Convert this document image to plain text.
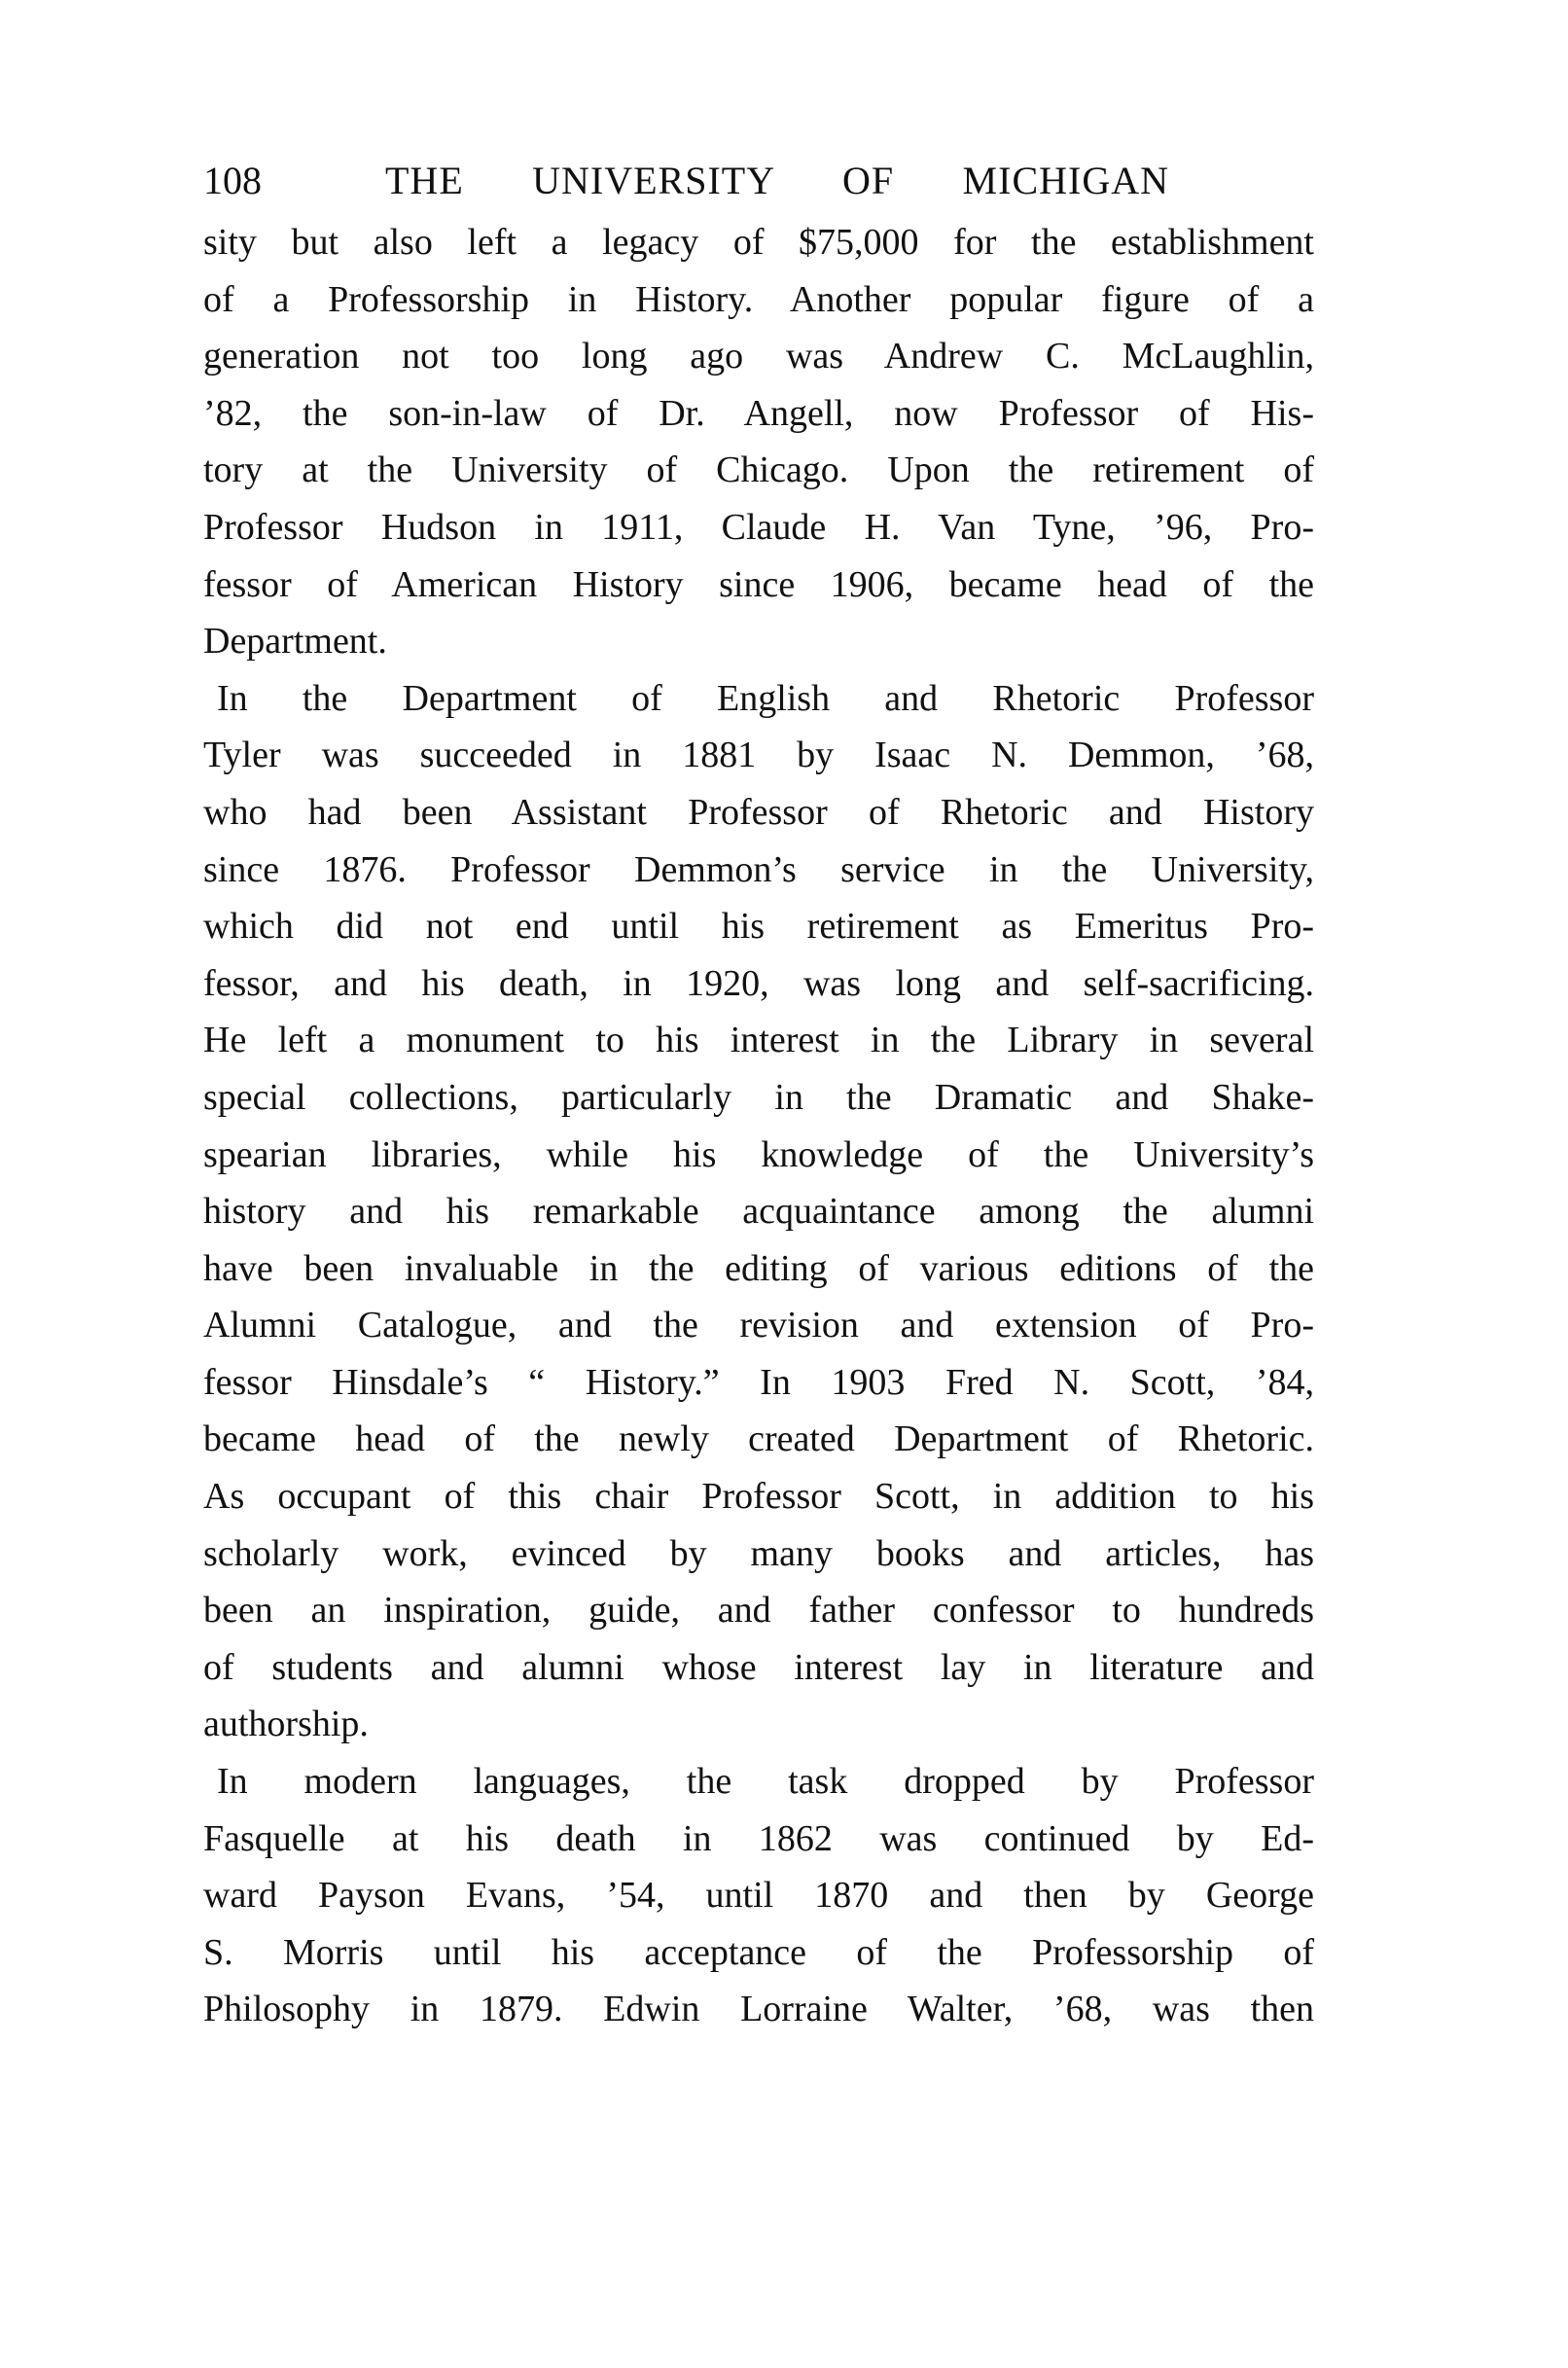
108	THE UNIVERSITY OF MICHIGAN
sity but also left a legacy of $75,000 for the establishment
of a Professorship in History. Another popular figure of a
generation not too long ago was Andrew C. McLaughlin,
’82, the son-in-law of Dr. Angell, now Professor of His-
tory at the University of Chicago. Upon the retirement of
Professor Hudson in 1911, Claude H. Van Tyne, ’96, Pro-
fessor of American History since 1906, became head of the
Department.
In the Department of English and Rhetoric Professor
Tyler was succeeded in 1881 by Isaac N. Demmon, ’68,
who had been Assistant Professor of Rhetoric and History
since 1876. Professor Demmon’s service in the University,
which did not end until his retirement as Emeritus Pro-
fessor, and his death, in 1920, was long and self-sacrificing.
He left a monument to his interest in the Library in several
special collections, particularly in the Dramatic and Shake-
spearian libraries, while his knowledge of the University’s
history and his remarkable acquaintance among the alumni
have been invaluable in the editing of various editions of the
Alumni Catalogue, and the revision and extension of Pro-
fessor Hinsdale’s “ History.” In 1903 Fred N. Scott, ’84,
became head of the newly created Department of Rhetoric.
As occupant of this chair Professor Scott, in addition to his
scholarly work, evinced by many books and articles, has
been an inspiration, guide, and father confessor to hundreds
of students and alumni whose interest lay in literature and
authorship.
In modern languages, the task dropped by Professor
Fasquelle at his death in 1862 was continued by Ed-
ward Payson Evans, ’54, until 1870 and then by George
S. Morris until his acceptance of the Professorship of
Philosophy in 1879. Edwin Lorraine Walter, ’68, was then
